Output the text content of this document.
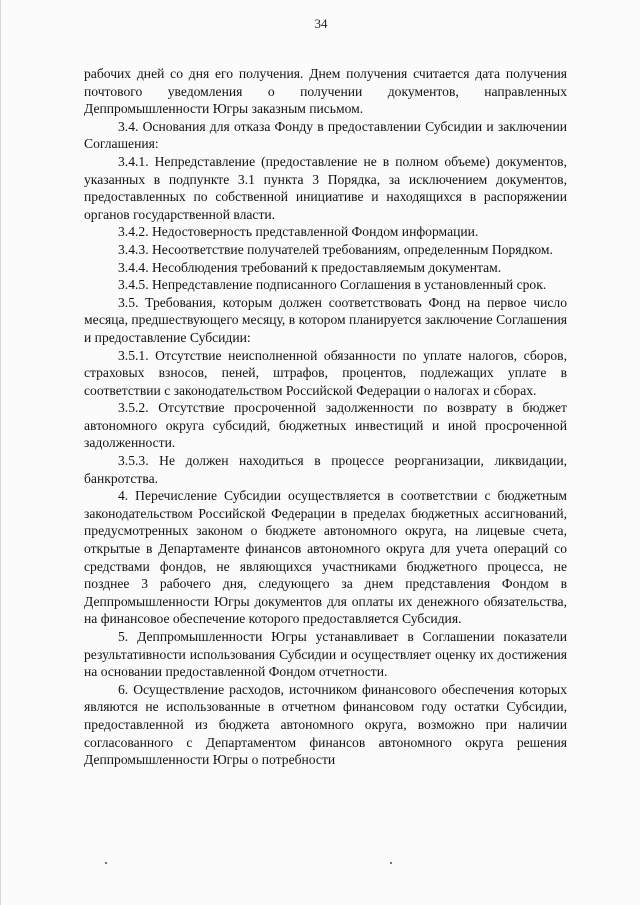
34

рабочих дней со дня его получения. Днем получения считается дата получения почтового уведомления о получении документов, направленных Деппромышленности Югры заказным письмом.

3.4. Основания для отказа Фонду в предоставлении Субсидии и заключении Соглашения:

3.4.1. Непредставление (предоставление не в полном объеме) документов, указанных в подпункте 3.1 пункта 3 Порядка, за исключением документов, предоставленных по собственной инициативе и находящихся в распоряжении органов государственной власти.

3.4.2. Недостоверность представленной Фондом информации.

3.4.3. Несоответствие получателей требованиям, определенным Порядком.

3.4.4. Несоблюдения требований к предоставляемым документам.

3.4.5. Непредставление подписанного Соглашения в установленный срок.

3.5. Требования, которым должен соответствовать Фонд на первое число месяца, предшествующего месяцу, в котором планируется заключение Соглашения и предоставление Субсидии:

3.5.1. Отсутствие неисполненной обязанности по уплате налогов, сборов, страховых взносов, пеней, штрафов, процентов, подлежащих уплате в соответствии с законодательством Российской Федерации о налогах и сборах.

3.5.2. Отсутствие просроченной задолженности по возврату в бюджет автономного округа субсидий, бюджетных инвестиций и иной просроченной задолженности.

3.5.3. Не должен находиться в процессе реорганизации, ликвидации, банкротства.

4. Перечисление Субсидии осуществляется в соответствии с бюджетным законодательством Российской Федерации в пределах бюджетных ассигнований, предусмотренных законом о бюджете автономного округа, на лицевые счета, открытые в Департаменте финансов автономного округа для учета операций со средствами фондов, не являющихся участниками бюджетного процесса, не позднее 3 рабочего дня, следующего за днем представления Фондом в Деппромышленности Югры документов для оплаты их денежного обязательства, на финансовое обеспечение которого предоставляется Субсидия.

5. Деппромышленности Югры устанавливает в Соглашении показатели результативности использования Субсидии и осуществляет оценку их достижения на основании предоставленной Фондом отчетности.

6. Осуществление расходов, источником финансового обеспечения которых являются не использованные в отчетном финансовом году остатки Субсидии, предоставленной из бюджета автономного округа, возможно при наличии согласованного с Департаментом финансов автономного округа решения Деппромышленности Югры о потребности
